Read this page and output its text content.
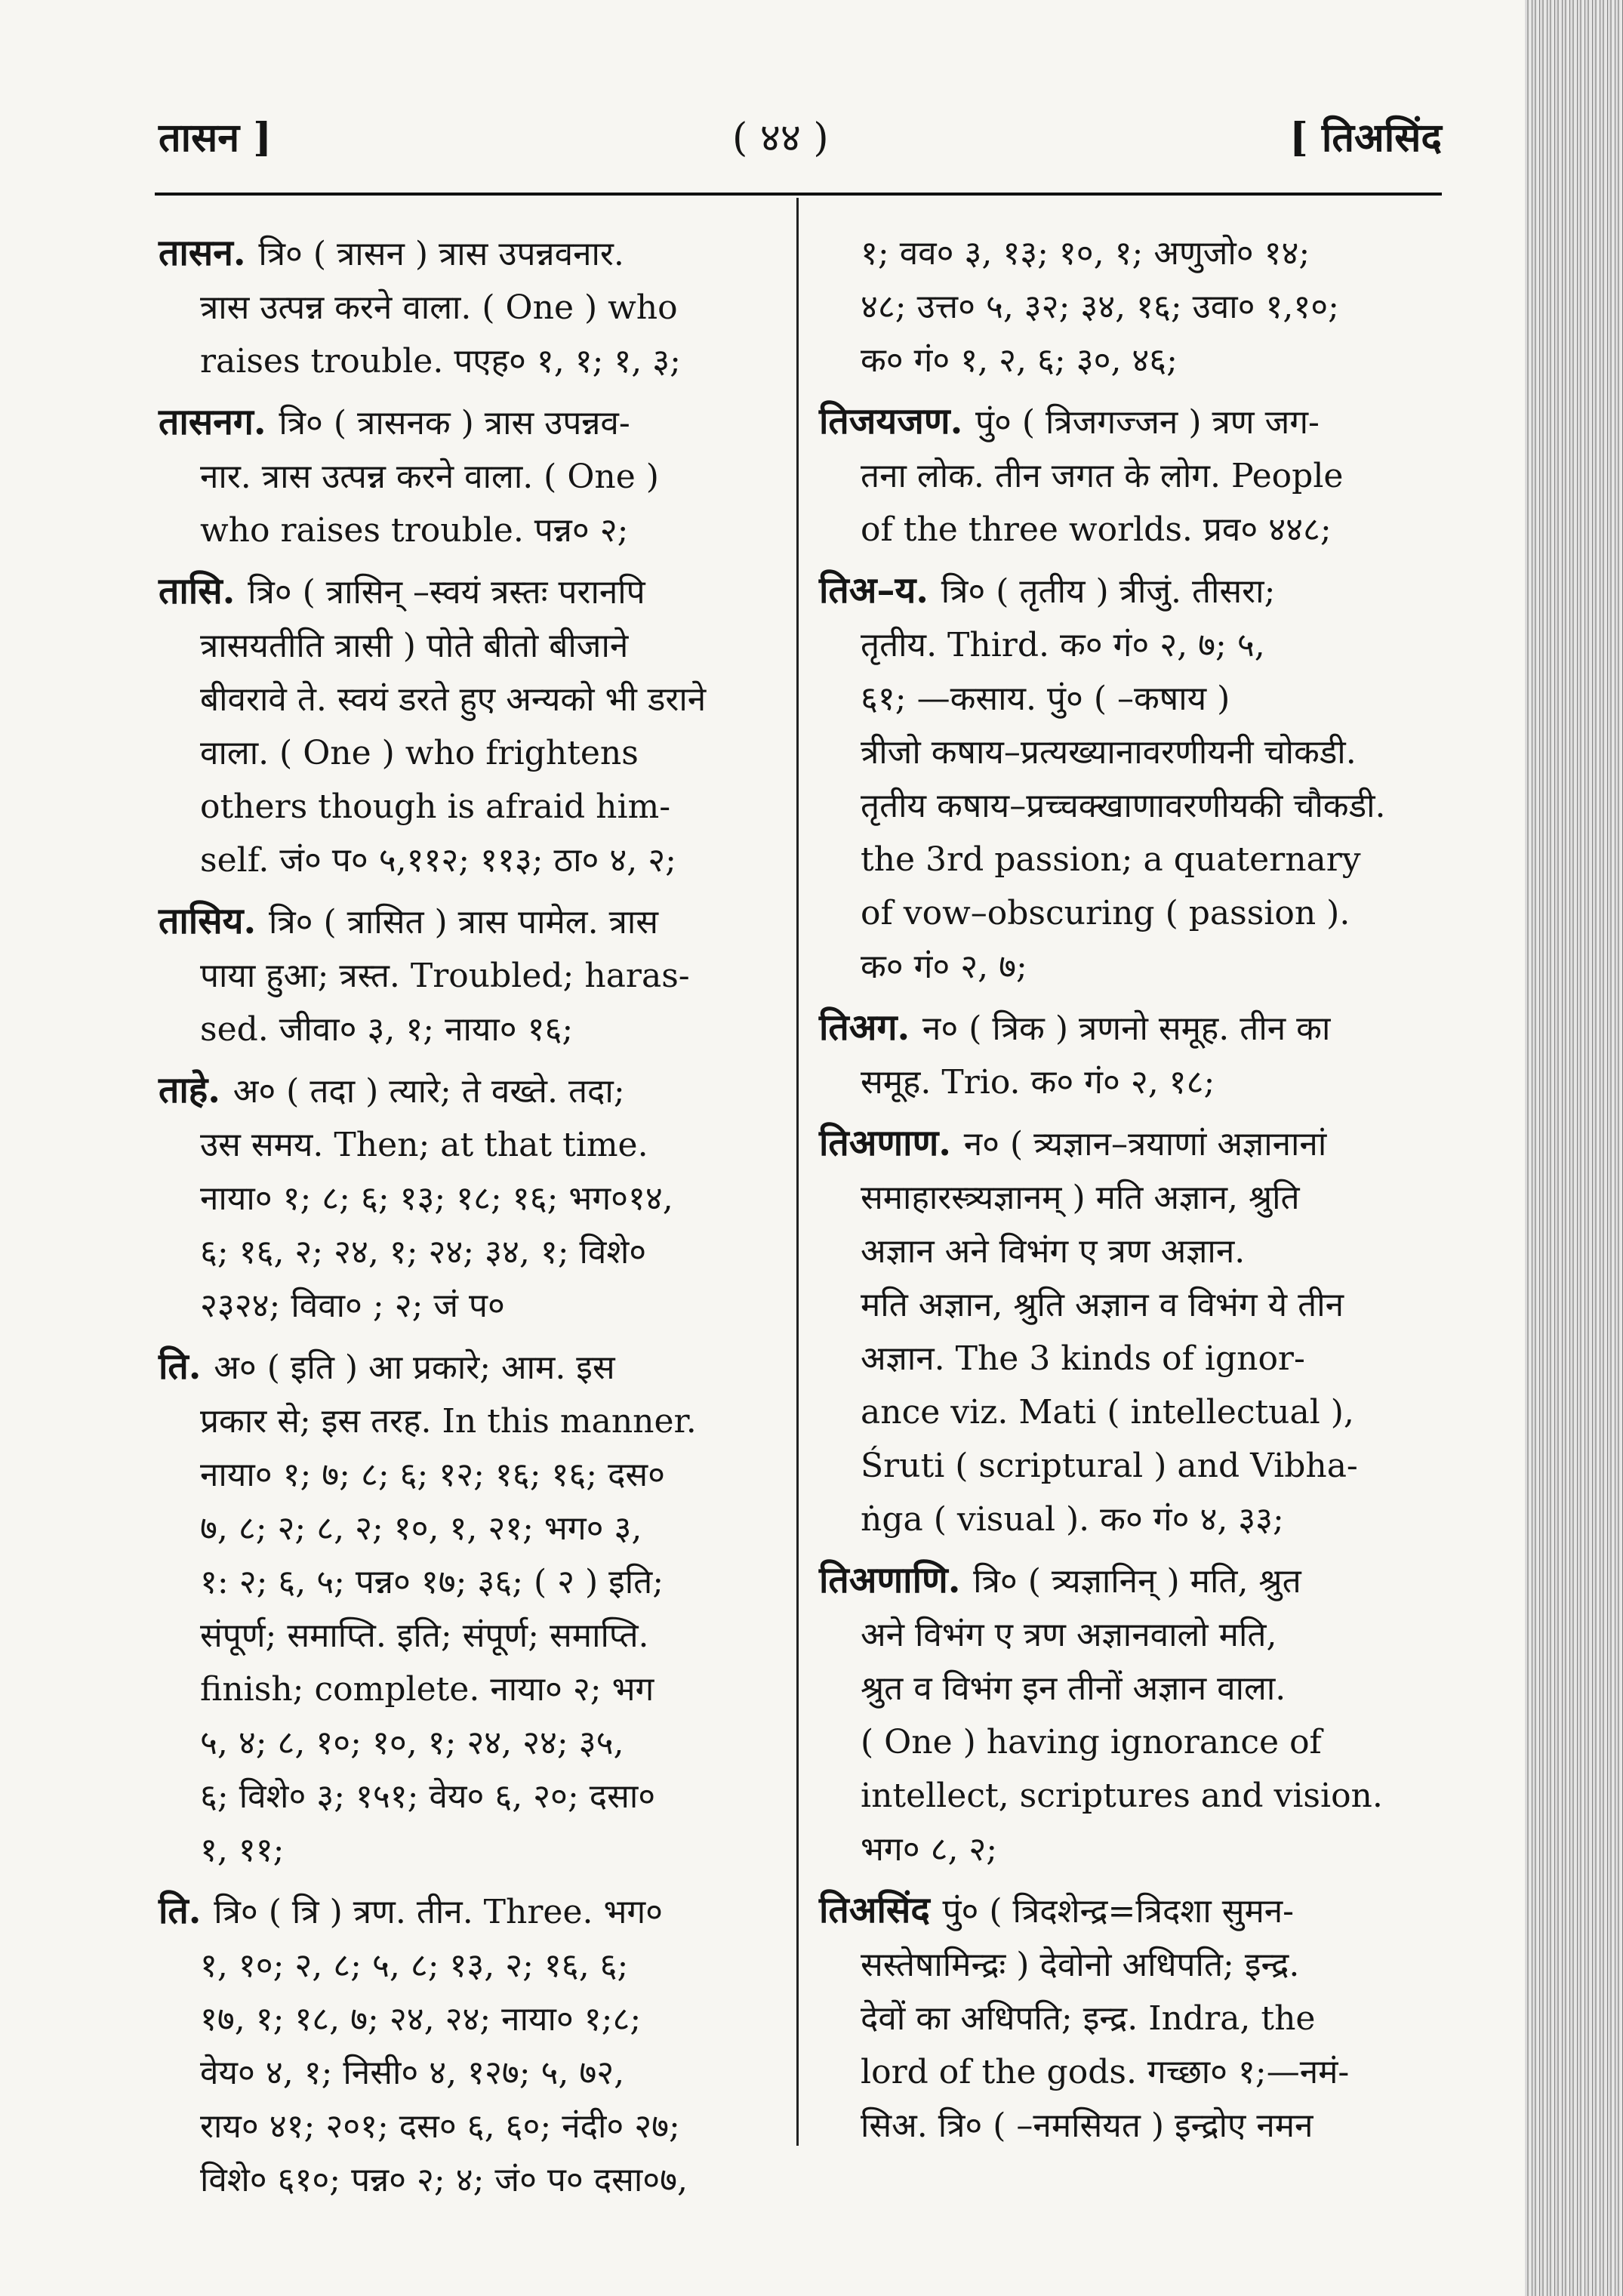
तासन ]	( ४४ )	[ तिअसिंद

तासन. त्रि० ( त्रासन ) त्रास उपन्नवनार.

त्रास उत्पन्न करने वाला. ( One ) who

raises trouble. पएह० १, १; १, ३;

तासनग. त्रि० ( त्रासनक ) त्रास उपन्नव-

नार. त्रास उत्पन्न करने वाला. ( One )

who raises trouble. पन्न० २;

तासि. त्रि० ( त्रासिन् –स्वयं त्रस्तः परानपि

त्रासयतीति त्रासी ) पोते बीतो बीजाने

बीवरावे ते. स्वयं डरते हुए अन्यको भी डराने

वाला. ( One ) who frightens

others though is afraid him-

self. जं० प० ५,११२; ११३; ठा० ४, २;

तासिय. त्रि० ( त्रासित ) त्रास पामेल. त्रास

पाया हुआ; त्रस्त. Troubled; haras-

sed. जीवा० ३, १; नाया० १६;

ताहे. अ० ( तदा ) त्यारे; ते वख्ते. तदा;

उस समय. Then; at that time.

नाया० १; ८; ६; १३; १८; १६; भग०१४,

६; १६, २; २४, १; २४; ३४, १; विशे०

२३२४; विवा० ; २; जं प०

ति. अ० ( इति ) आ प्रकारे; आम. इस

प्रकार से; इस तरह. In this manner.

नाया० १; ७; ८; ६; १२; १६; १६; दस०

७, ८; २; ८, २; १०, १, २१; भग० ३,

१: २; ६, ५; पन्न० १७; ३६; ( २ ) इति;

संपूर्ण; समाप्ति. इति; संपूर्ण; समाप्ति.

finish; complete. नाया० २; भग

५, ४; ८, १०; १०, १; २४, २४; ३५,

६; विशे० ३; १५१; वेय० ६, २०; दसा०

१, ११;

ति. त्रि० ( त्रि ) त्रण. तीन. Three. भग०

१, १०; २, ८; ५, ८; १३, २; १६, ६;

१७, १; १८, ७; २४, २४; नाया० १;८;

वेय० ४, १; निसी० ४, १२७; ५, ७२,

राय० ४१; २०१; दस० ६, ६०; नंदी० २७;

विशे० ६१०; पन्न० २; ४; जं० प० दसा०७,

१; वव० ३, १३; १०, १; अणुजो० १४;

४८; उत्त० ५, ३२; ३४, १६; उवा० १,१०;

क० गं० १, २, ६; ३०, ४६;

तिजयजण. पुं० ( त्रिजगज्जन ) त्रण जग-

तना लोक. तीन जगत के लोग. People

of the three worlds. प्रव० ४४८;

तिअ–य. त्रि० ( तृतीय ) त्रीजुं. तीसरा;

तृतीय. Third. क० गं० २, ७; ५,

६१; —कसाय. पुं० ( –कषाय )

त्रीजो कषाय–प्रत्यख्यानावरणीयनी चोकडी.

तृतीय कषाय–प्रच्चक्खाणावरणीयकी चौकडी.

the 3rd passion; a quaternary

of vow–obscuring ( passion ).

क० गं० २, ७;

तिअग. न० ( त्रिक ) त्रणनो समूह. तीन का

समूह. Trio. क० गं० २, १८;

तिअणाण. न० ( त्र्यज्ञान–त्रयाणां अज्ञानानां

समाहारस्त्र्यज्ञानम् ) मति अज्ञान, श्रुति

अज्ञान अने विभंग ए त्रण अज्ञान.

मति अज्ञान, श्रुति अज्ञान व विभंग ये तीन

अज्ञान. The 3 kinds of ignor-

ance viz. Mati ( intellectual ),

Śruti ( scriptural ) and Vibha-

ṅga ( visual ). क० गं० ४, ३३;

तिअणाणि. त्रि० ( त्र्यज्ञानिन् ) मति, श्रुत

अने विभंग ए त्रण अज्ञानवालो मति,

श्रुत व विभंग इन तीनों अज्ञान वाला.

( One ) having ignorance of

intellect, scriptures and vision.

भग० ८, २;

तिअसिंद पुं० ( त्रिदशेन्द्र=त्रिदशा सुमन-

सस्तेषामिन्द्रः ) देवोनो अधिपति; इन्द्र.

देवों का अधिपति; इन्द्र. Indra, the

lord of the gods. गच्छा० १;—नमं-

सिअ. त्रि० ( –नमसियत ) इन्द्रोए नमन
